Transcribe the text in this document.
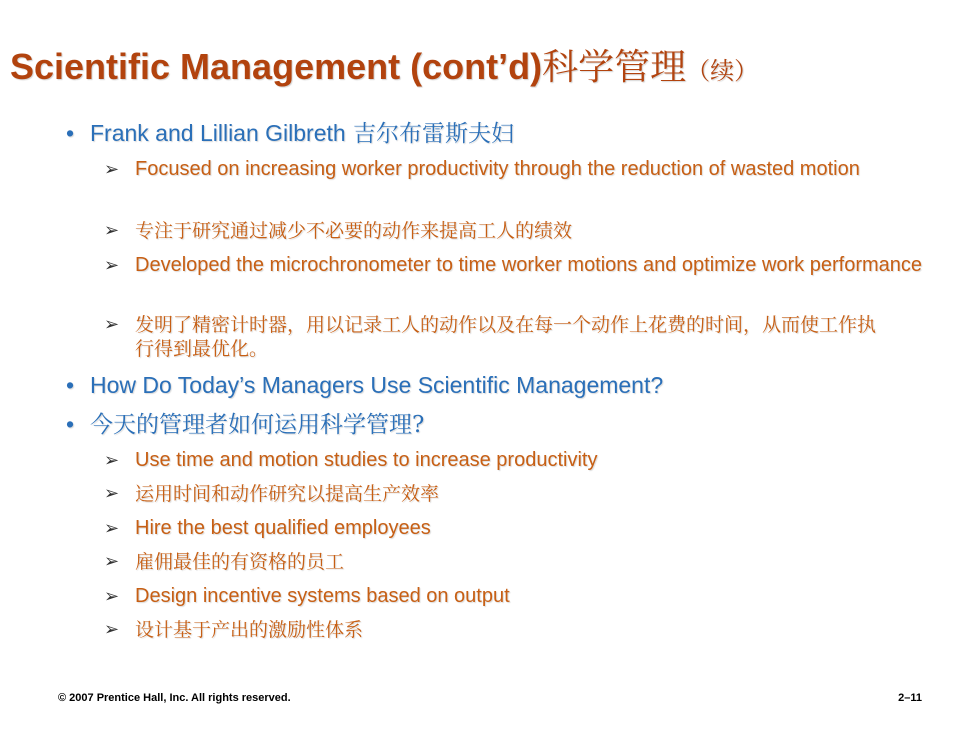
Scientific Management (cont’d)科学管理（续）
• Frank and Lillian Gilbreth 吉尔布雷斯夫妇
➢ Focused on increasing worker productivity through the reduction of wasted motion
➢ 专注于研究通过减少不必要的动作来提高工人的绩效
➢ Developed the microchronometer to time worker motions and optimize work performance
➢ 发明了精密计时器，用以记录工人的动作以及在每一个动作上花费的时间，从而使工作执行得到最优化。
• How Do Today’s Managers Use Scientific Management?
• 今天的管理者如何运用科学管理?
➢ Use time and motion studies to increase productivity
➢ 运用时间和动作研究以提高生产效率
➢ Hire the best qualified employees
➢ 雇佣最佳的有资格的员工
➢ Design incentive systems based on output
➢ 设计基于产出的激励性体系
© 2007 Prentice Hall, Inc. All rights reserved.	2–11
